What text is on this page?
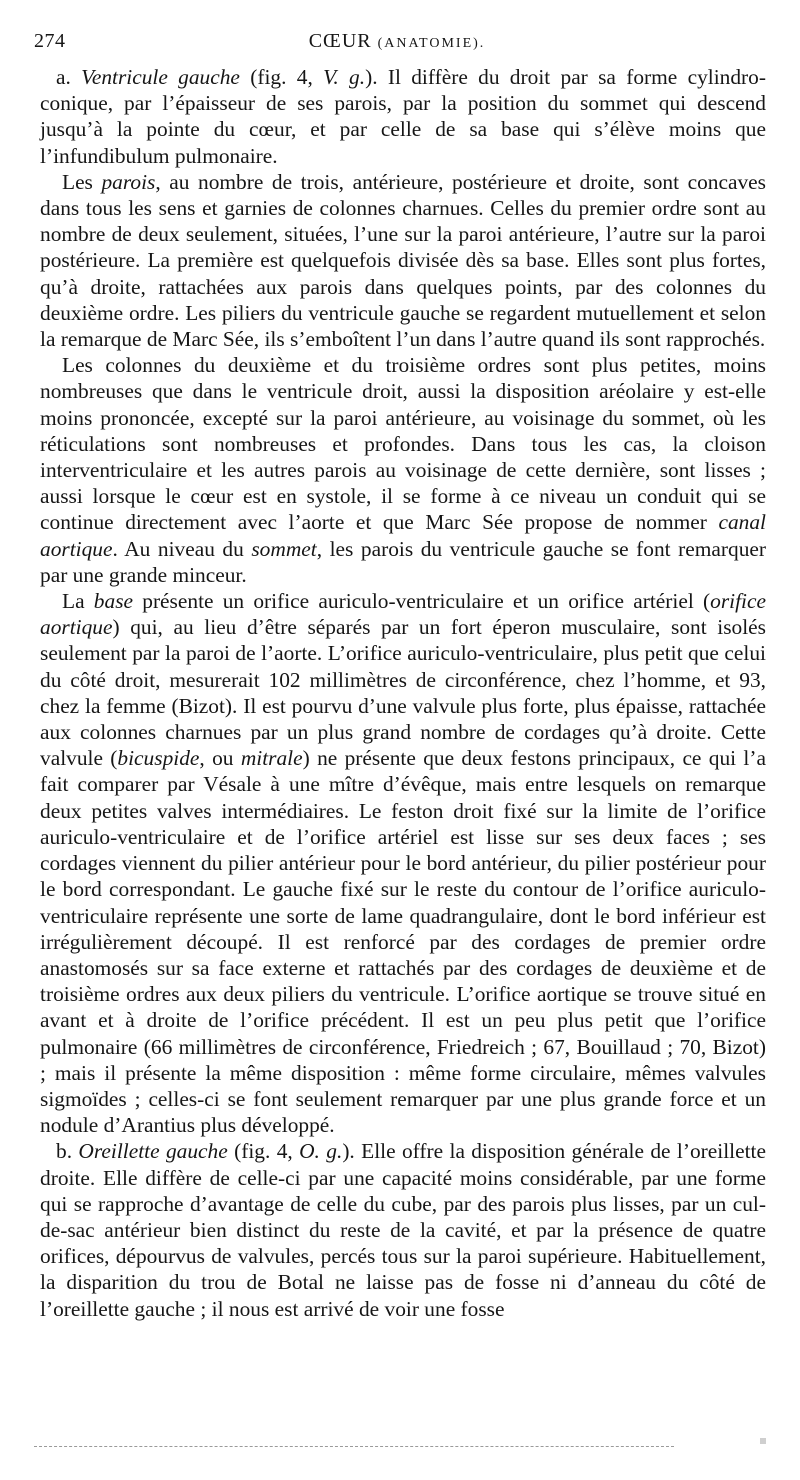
274	CŒUR (ANATOMIE).

a. Ventricule gauche (fig. 4, V. g.). Il diffère du droit par sa forme cylindro-conique, par l’épaisseur de ses parois, par la position du sommet qui descend jusqu’à la pointe du cœur, et par celle de sa base qui s’élève moins que l’infundibulum pulmonaire.

Les parois, au nombre de trois, antérieure, postérieure et droite, sont concaves dans tous les sens et garnies de colonnes charnues. Celles du premier ordre sont au nombre de deux seulement, situées, l’une sur la paroi antérieure, l’autre sur la paroi postérieure. La première est quelquefois divisée dès sa base. Elles sont plus fortes, qu’à droite, rattachées aux parois dans quelques points, par des colonnes du deuxième ordre. Les piliers du ventricule gauche se regardent mutuellement et selon la remarque de Marc Sée, ils s’emboîtent l’un dans l’autre quand ils sont rapprochés.

Les colonnes du deuxième et du troisième ordres sont plus petites, moins nombreuses que dans le ventricule droit, aussi la disposition aréolaire y est-elle moins prononcée, excepté sur la paroi antérieure, au voisinage du sommet, où les réticulations sont nombreuses et profondes. Dans tous les cas, la cloison interventriculaire et les autres parois au voisinage de cette dernière, sont lisses ; aussi lorsque le cœur est en systole, il se forme à ce niveau un conduit qui se continue directement avec l’aorte et que Marc Sée propose de nommer canal aortique. Au niveau du sommet, les parois du ventricule gauche se font remarquer par une grande minceur.

La base présente un orifice auriculo-ventriculaire et un orifice artériel (orifice aortique) qui, au lieu d’être séparés par un fort éperon musculaire, sont isolés seulement par la paroi de l’aorte. L’orifice auriculo-ventriculaire, plus petit que celui du côté droit, mesurerait 102 millimètres de circonférence, chez l’homme, et 93, chez la femme (Bizot). Il est pourvu d’une valvule plus forte, plus épaisse, rattachée aux colonnes charnues par un plus grand nombre de cordages qu’à droite. Cette valvule (bicuspide, ou mitrale) ne présente que deux festons principaux, ce qui l’a fait comparer par Vésale à une mître d’évêque, mais entre lesquels on remarque deux petites valves intermédiaires. Le feston droit fixé sur la limite de l’orifice auriculo-ventriculaire et de l’orifice artériel est lisse sur ses deux faces ; ses cordages viennent du pilier antérieur pour le bord antérieur, du pilier postérieur pour le bord correspondant. Le gauche fixé sur le reste du contour de l’orifice auriculo-ventriculaire représente une sorte de lame quadrangulaire, dont le bord inférieur est irrégulièrement découpé. Il est renforcé par des cordages de premier ordre anastomosés sur sa face externe et rattachés par des cordages de deuxième et de troisième ordres aux deux piliers du ventricule. L’orifice aortique se trouve situé en avant et à droite de l’orifice précédent. Il est un peu plus petit que l’orifice pulmonaire (66 millimètres de circonférence, Friedreich ; 67, Bouillaud ; 70, Bizot) ; mais il présente la même disposition : même forme circulaire, mêmes valvules sigmoïdes ; celles-ci se font seulement remarquer par une plus grande force et un nodule d’Arantius plus développé.

b. Oreillette gauche (fig. 4, O. g.). Elle offre la disposition générale de l’oreillette droite. Elle diffère de celle-ci par une capacité moins considérable, par une forme qui se rapproche d’avantage de celle du cube, par des parois plus lisses, par un cul-de-sac antérieur bien distinct du reste de la cavité, et par la présence de quatre orifices, dépourvus de valvules, percés tous sur la paroi supérieure. Habituellement, la disparition du trou de Botal ne laisse pas de fosse ni d’anneau du côté de l’oreillette gauche ; il nous est arrivé de voir une fosse
